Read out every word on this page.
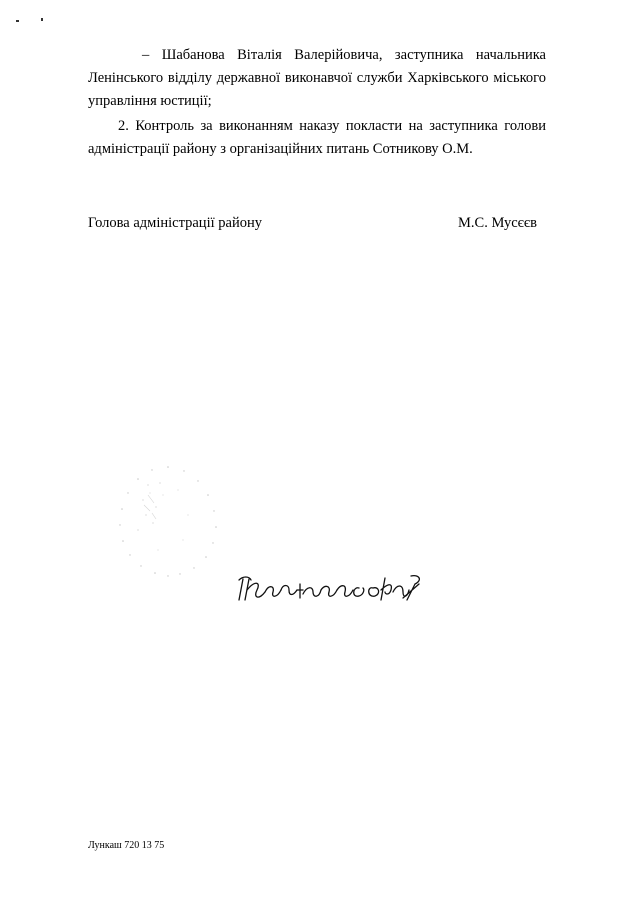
– Шабанова Віталія Валерійовича, заступника начальника Ленінського відділу державної виконавчої служби Харківського міського управління юстиції;
2. Контроль за виконанням наказу покласти на заступника голови адміністрації району з організаційних питань Сотникову О.М.
Голова адміністрації району	М.С. Мусєєв
Лункаш 720 13 75
